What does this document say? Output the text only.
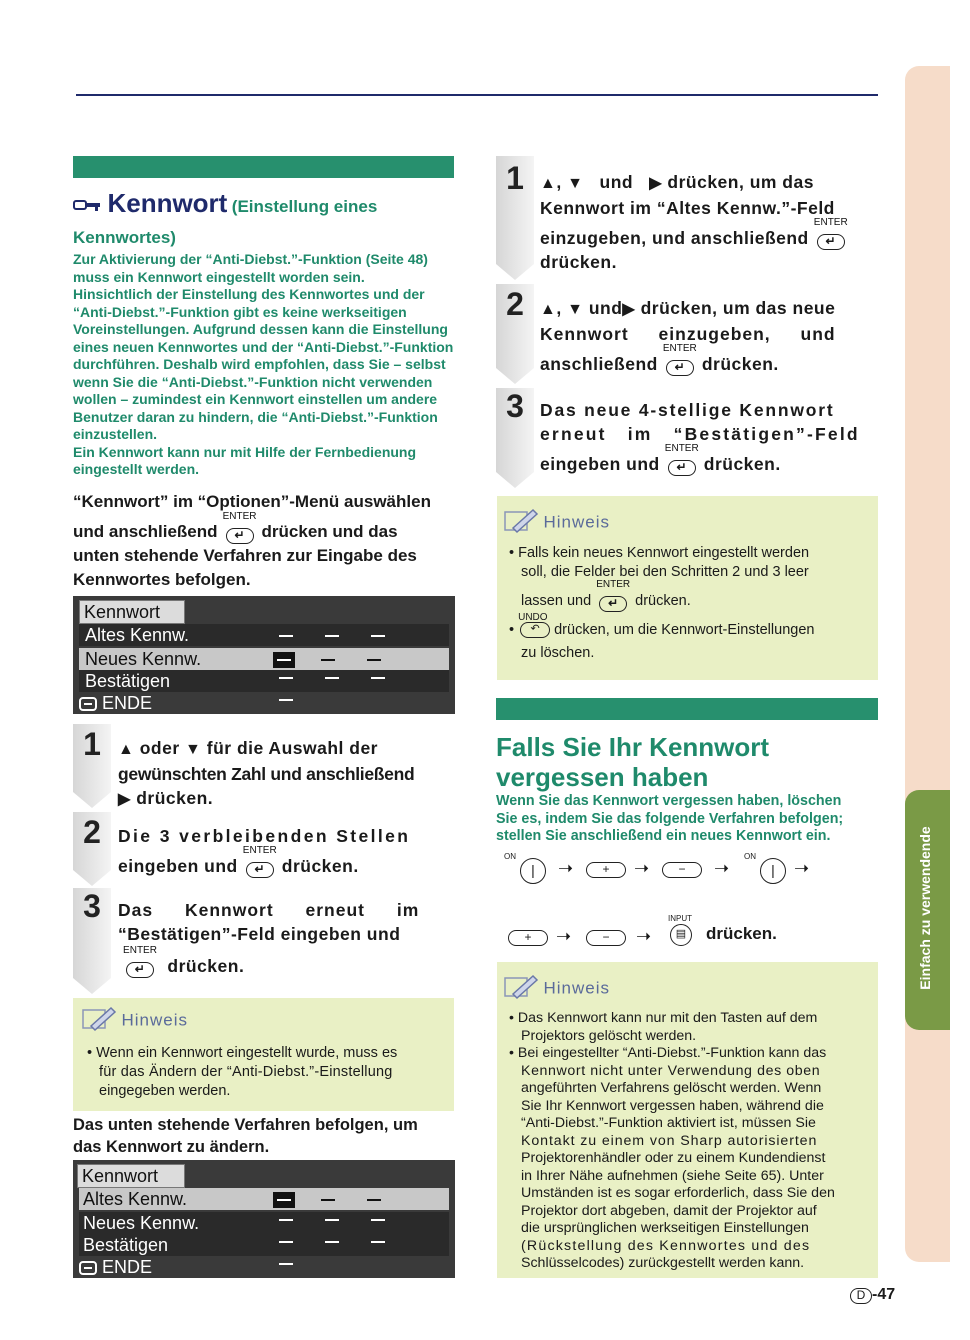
Einfach zu verwendende Funktionen
Kennwort (Einstellung eines
Kennwortes)
Zur Aktivierung der “Anti-Diebst.”-Funktion (Seite 48)
muss ein Kennwort eingestellt worden sein.
Hinsichtlich der Einstellung des Kennwortes und der
“Anti-Diebst.”-Funktion gibt es keine werkseitigen
Voreinstellungen. Aufgrund dessen kann die Einstellung
eines neuen Kennwortes und der “Anti-Diebst.”-Funktion
durchführen. Deshalb wird empfohlen, dass Sie – selbst
wenn Sie die “Anti-Diebst.”-Funktion nicht verwenden
wollen – zumindest ein Kennwort einstellen um andere
Benutzer daran zu hindern, die “Anti-Diebst.”-Funktion
einzustellen.
Ein Kennwort kann nur mit Hilfe der Fernbedienung
eingestellt werden.
“Kennwort” im “Optionen”-Menü auswählen
und anschließend
ENTER
↵ drücken und das
unten stehende Verfahren zur Eingabe des
Kennwortes befolgen.
Kennwort
Altes Kennw.
Neues Kennw.
Bestätigen
ENDE
1	▲ oder ▼ für die Auswahl der
gewünschten Zahl und anschließend
▶ drücken.
2 Die 3 verbleibenden Stellen
eingeben und
ENTER
↵ drücken.
3 Das Kennwort erneut im
“Bestätigen”-Feld eingeben und
ENTER
↵	drücken.
Hinweis
• Wenn ein Kennwort eingestellt wurde, muss es
für das Ändern der “Anti-Diebst.”-Einstellung
eingegeben werden.
Das unten stehende Verfahren befolgen, um
das Kennwort zu ändern.
Kennwort
Altes Kennw.
Neues Kennw.
Bestätigen
ENDE
1	▲, ▼ und ▶ drücken, um das
Kennwort im “Altes Kennw.”-Feld
einzugeben, und anschließend
ENTER
↵
drücken.
2	▲, ▼ und▶ drücken, um das neue
Kennwort einzugeben, und
anschließend
ENTER
↵ drücken.
3 Das neue 4-stellige Kennwort
erneut im “Bestätigen”-Feld
eingeben und
ENTER
↵ drücken.
Hinweis
• Falls kein neues Kennwort eingestellt werden
soll, die Felder bei den Schritten 2 und 3 leer
lassen und
ENTER
↵	drücken.
•
UNDO
↶ drücken, um die Kennwort-Einstellungen
zu löschen.
Falls Sie Ihr Kennwort
vergessen haben
Wenn Sie das Kennwort vergessen haben, löschen
Sie es, indem Sie das folgende Verfahren befolgen;
stellen Sie anschließend ein neues Kennwort ein.
ON
|	➝	+	➝	−	➝
ON
|	➝
+	➝	−	➝
INPUT
▤	drücken.
Hinweis
• Das Kennwort kann nur mit den Tasten auf dem
Projektors gelöscht werden.
• Bei eingestellter “Anti-Diebst.”-Funktion kann das
Kennwort nicht unter Verwendung des oben
angeführten Verfahrens gelöscht werden. Wenn
Sie Ihr Kennwort vergessen haben, während die
“Anti-Diebst.”-Funktion aktiviert ist, müssen Sie
Kontakt zu einem von Sharp autorisierten
Projektorenhändler oder zu einem Kundendienst
in Ihrer Nähe aufnehmen (siehe Seite 65). Unter
Umständen ist es sogar erforderlich, dass Sie den
Projektor dort abgeben, damit der Projektor auf
die ursprünglichen werkseitigen Einstellungen
(Rückstellung des Kennwortes und des
Schlüsselcodes) zurückgestellt werden kann.
D -47
